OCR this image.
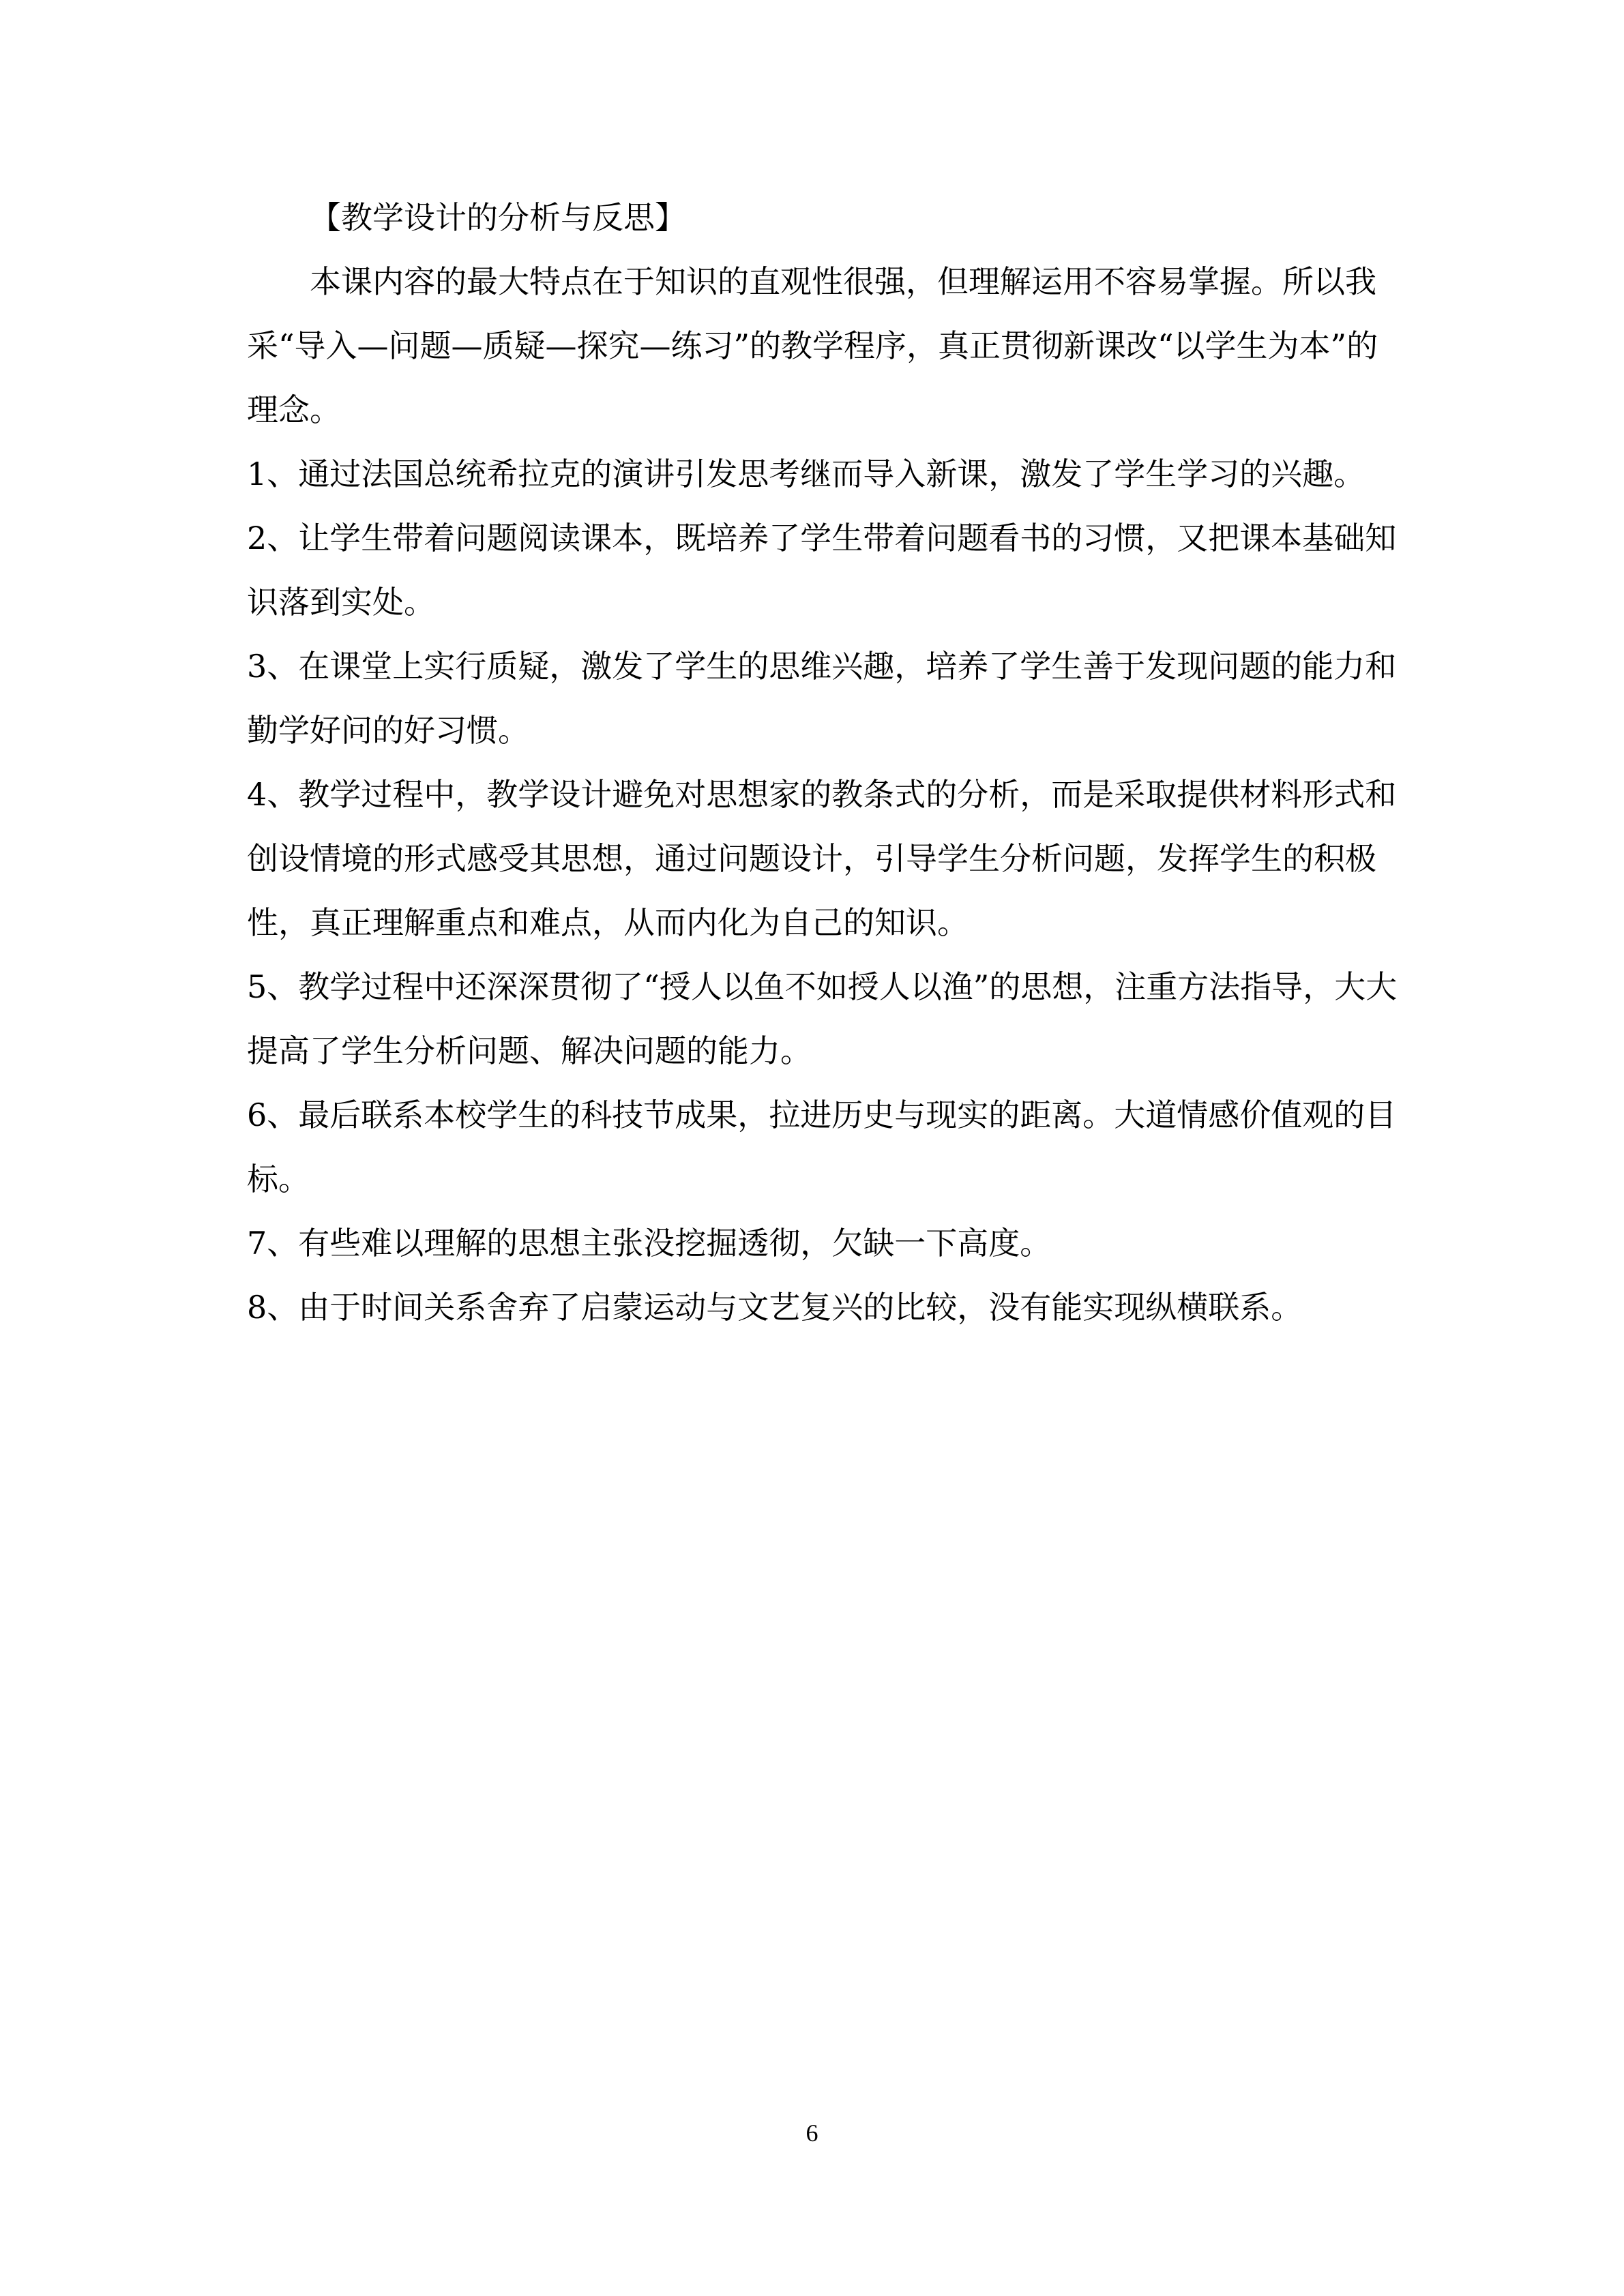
【教学设计的分析与反思】

本课内容的最大特点在于知识的直观性很强，但理解运用不容易掌握。所以我采“导入—问题—质疑—探究—练习”的教学程序，真正贯彻新课改“以学生为本”的理念。

1、通过法国总统希拉克的演讲引发思考继而导入新课，激发了学生学习的兴趣。

2、让学生带着问题阅读课本，既培养了学生带着问题看书的习惯，又把课本基础知识落到实处。

3、在课堂上实行质疑，激发了学生的思维兴趣，培养了学生善于发现问题的能力和勤学好问的好习惯。

4、教学过程中，教学设计避免对思想家的教条式的分析，而是采取提供材料形式和创设情境的形式感受其思想，通过问题设计，引导学生分析问题，发挥学生的积极性，真正理解重点和难点，从而内化为自己的知识。

5、教学过程中还深深贯彻了“授人以鱼不如授人以渔”的思想，注重方法指导，大大提高了学生分析问题、解决问题的能力。

6、最后联系本校学生的科技节成果，拉进历史与现实的距离。大道情感价值观的目标。

7、有些难以理解的思想主张没挖掘透彻，欠缺一下高度。

8、由于时间关系舍弃了启蒙运动与文艺复兴的比较，没有能实现纵横联系。

6
